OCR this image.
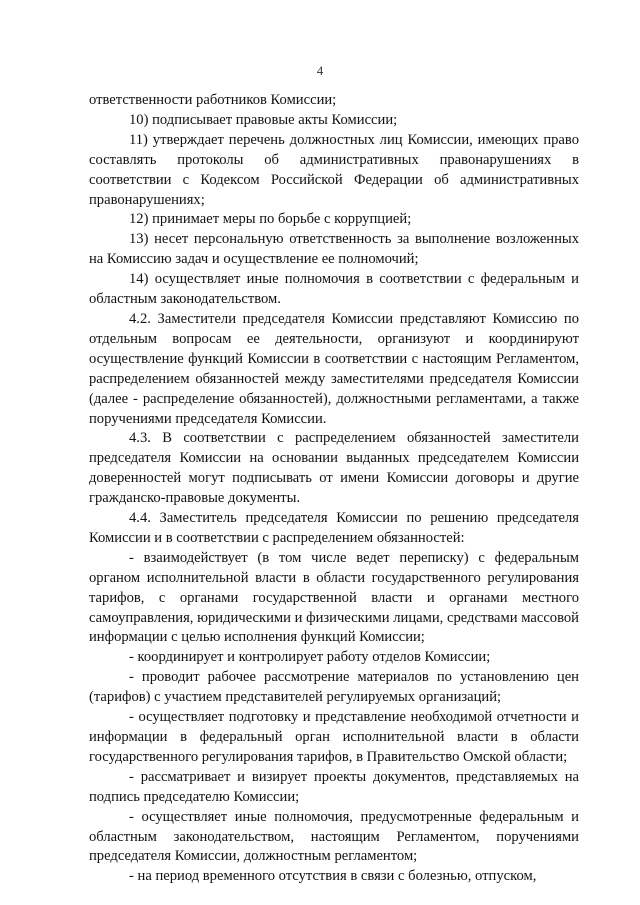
4

ответственности работников Комиссии;

10) подписывает правовые акты Комиссии;

11) утверждает перечень должностных лиц Комиссии, имеющих право составлять протоколы об административных правонарушениях в соответствии с Кодексом Российской Федерации об административных правонарушениях;

12) принимает меры по борьбе с коррупцией;

13) несет персональную ответственность за выполнение возложенных на Комиссию задач и осуществление ее полномочий;

14) осуществляет иные полномочия в соответствии с федеральным и областным законодательством.

4.2. Заместители председателя Комиссии представляют Комиссию по отдельным вопросам ее деятельности, организуют и координируют осуществление функций Комиссии в соответствии с настоящим Регламентом, распределением обязанностей между заместителями председателя Комиссии (далее - распределение обязанностей), должностными регламентами, а также поручениями председателя Комиссии.

4.3. В соответствии с распределением обязанностей заместители председателя Комиссии на основании выданных председателем Комиссии доверенностей могут подписывать от имени Комиссии договоры и другие гражданско-правовые документы.

4.4. Заместитель председателя Комиссии по решению председателя Комиссии и в соответствии с распределением обязанностей:

- взаимодействует (в том числе ведет переписку) с федеральным органом исполнительной власти в области государственного регулирования тарифов, с органами государственной власти и органами местного самоуправления, юридическими и физическими лицами, средствами массовой информации с целью исполнения функций Комиссии;

- координирует и контролирует работу отделов Комиссии;

- проводит рабочее рассмотрение материалов по установлению цен (тарифов) с участием представителей регулируемых организаций;

- осуществляет подготовку и представление необходимой отчетности и информации в федеральный орган исполнительной власти в области государственного регулирования тарифов, в Правительство Омской области;

- рассматривает и визирует проекты документов, представляемых на подпись председателю Комиссии;

- осуществляет иные полномочия, предусмотренные федеральным и областным законодательством, настоящим Регламентом, поручениями председателя Комиссии, должностным регламентом;

- на период временного отсутствия в связи с болезнью, отпуском,
